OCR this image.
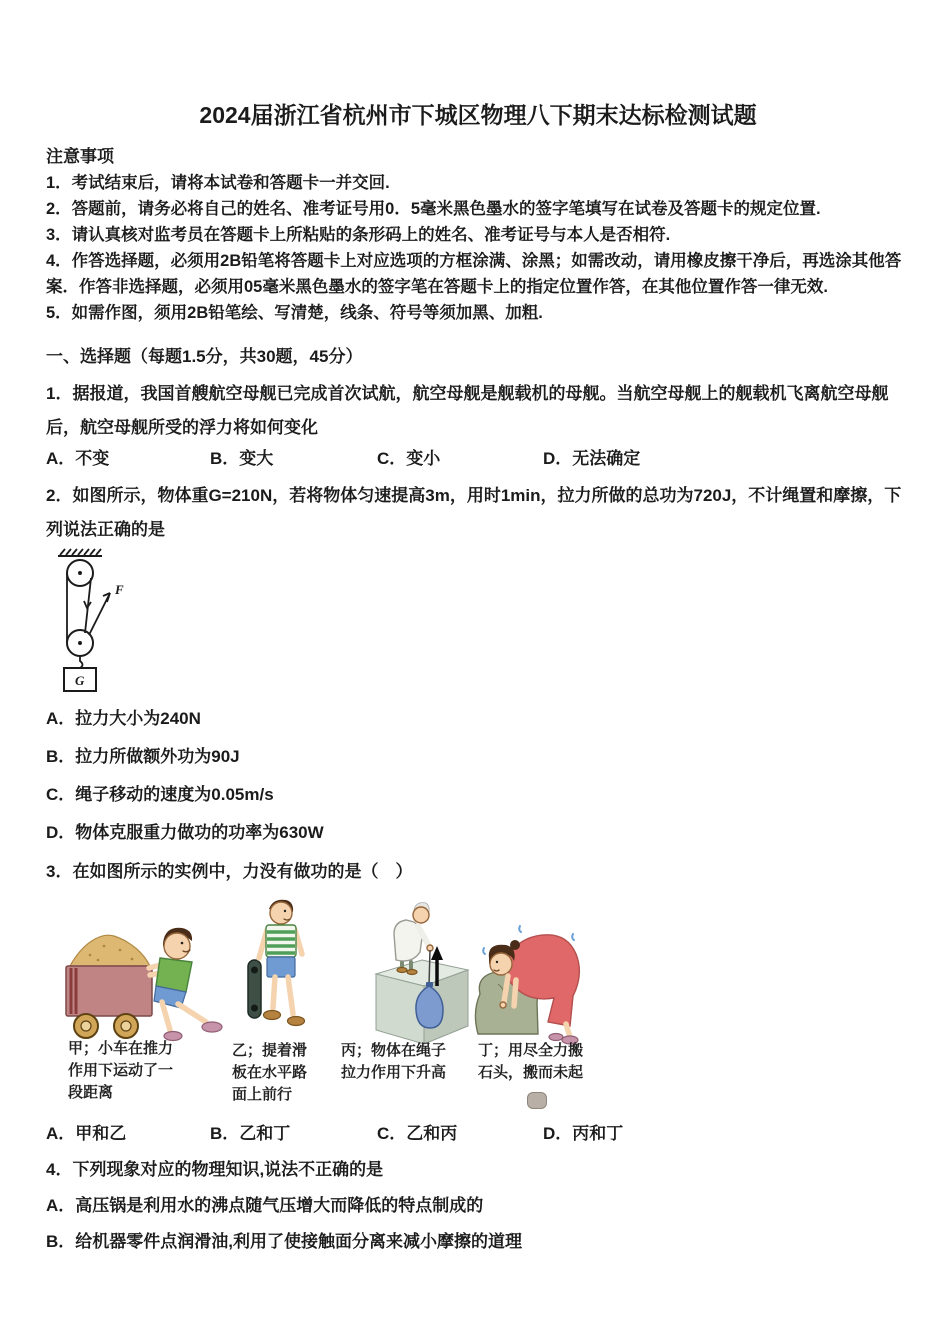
2024届浙江省杭州市下城区物理八下期末达标检测试题
注意事项
1．考试结束后，请将本试卷和答题卡一并交回.
2．答题前，请务必将自己的姓名、准考证号用0．5毫米黑色墨水的签字笔填写在试卷及答题卡的规定位置.
3．请认真核对监考员在答题卡上所粘贴的条形码上的姓名、准考证号与本人是否相符.
4．作答选择题，必须用2B铅笔将答题卡上对应选项的方框涂满、涂黑；如需改动，请用橡皮擦干净后，再选涂其他答案．作答非选择题，必须用05毫米黑色墨水的签字笔在答题卡上的指定位置作答，在其他位置作答一律无效.
5．如需作图，须用2B铅笔绘、写清楚，线条、符号等须加黑、加粗.
一、选择题（每题1.5分，共30题，45分）
1．据报道，我国首艘航空母舰已完成首次试航，航空母舰是舰载机的母舰。当航空母舰上的舰载机飞离航空母舰后，航空母舰所受的浮力将如何变化
A．不变	B．变大	C．变小	D．无法确定
2．如图所示，物体重G=210N，若将物体匀速提高3m，用时1min，拉力所做的总功为720J，不计绳置和摩擦，下列说法正确的是
F
G
A．拉力大小为240N
B．拉力所做额外功为90J
C．绳子移动的速度为0.05m/s
D．物体克服重力做功的功率为630W
3．在如图所示的实例中，力没有做功的是（　）
甲；小车在推力
作用下运动了一
段距离
乙；提着滑
板在水平路
面上前行
丙；物体在绳子
拉力作用下升高
丁；用尽全力搬
石头，搬而未起
A．甲和乙	B．乙和丁	C．乙和丙	D．丙和丁
4．下列现象对应的物理知识,说法不正确的是
A．高压锅是利用水的沸点随气压增大而降低的特点制成的
B．给机器零件点润滑油,利用了使接触面分离来减小摩擦的道理
